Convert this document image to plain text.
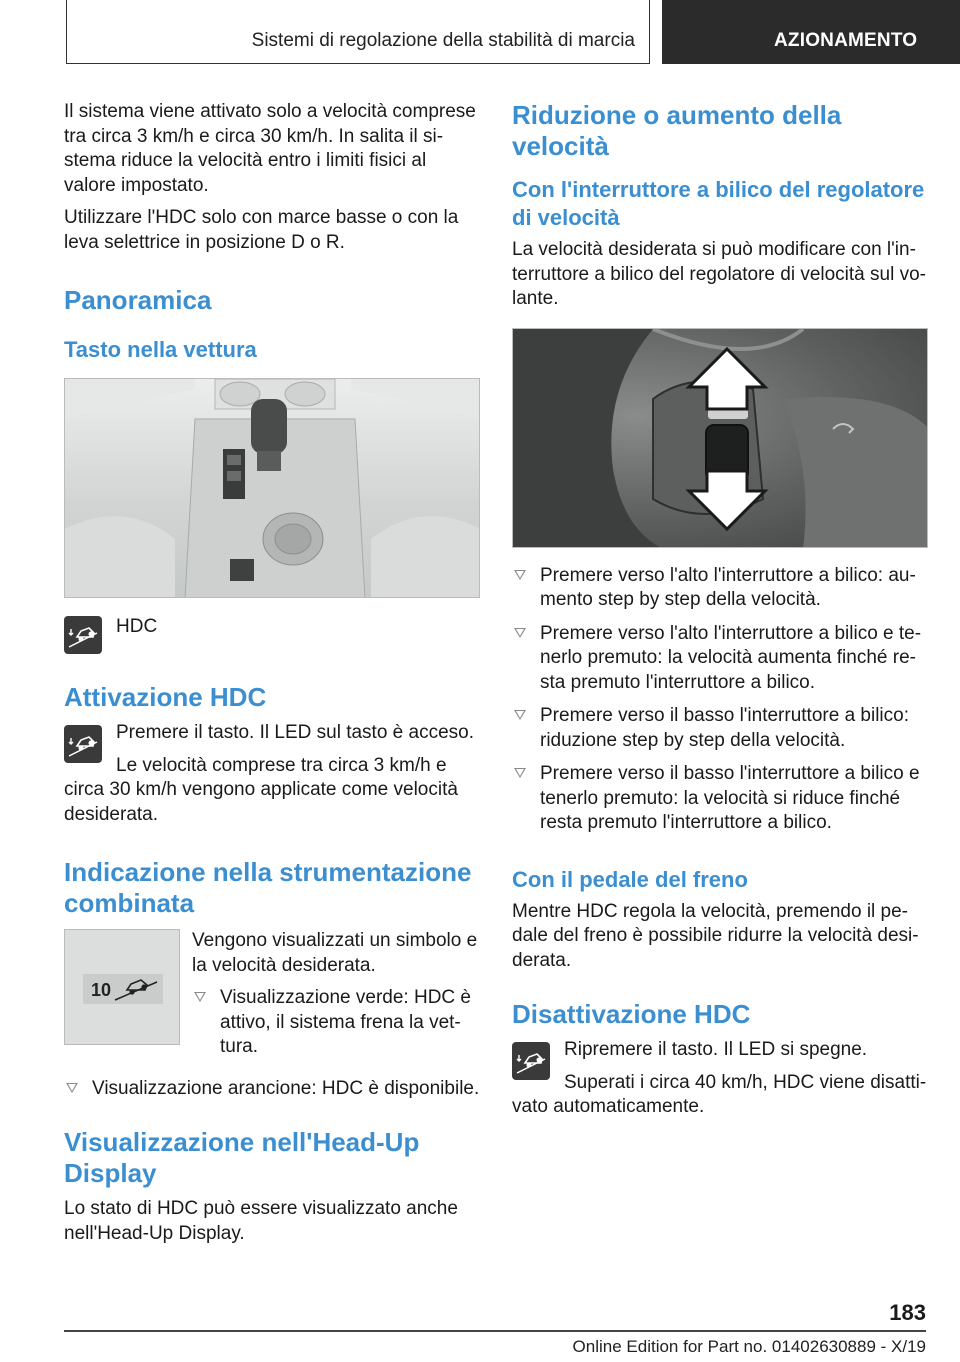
Sistemi di regolazione della stabilità di marcia	AZIONAMENTO

Il sistema viene attivato solo a velocità comprese tra circa 3 km/h e circa 30 km/h. In salita il si-stema riduce la velocità entro i limiti fisici al valore impostato.

Utilizzare l'HDC solo con marce basse o con la leva selettrice in posizione D o R.

Panoramica
Tasto nella vettura
HDC
Attivazione HDC

Premere il tasto. Il LED sul tasto è acceso.

Le velocità comprese tra circa 3 km/h e circa 30 km/h vengono applicate come velocità desiderata.

Indicazione nella strumentazione combinata
10

Vengono visualizzati un simbolo e la velocità desiderata.

Visualizzazione verde: HDC è attivo, il sistema frena la vet-tura.
Visualizzazione arancione: HDC è disponibile.
Visualizzazione nell'Head-Up Display

Lo stato di HDC può essere visualizzato anche nell'Head-Up Display.

Riduzione o aumento della velocità
Con l'interruttore a bilico del regolatore di velocità

La velocità desiderata si può modificare con l'in-terruttore a bilico del regolatore di velocità sul vo-lante.

Premere verso l'alto l'interruttore a bilico: au-mento step by step della velocità.
Premere verso l'alto l'interruttore a bilico e te-nerlo premuto: la velocità aumenta finché re-sta premuto l'interruttore a bilico.
Premere verso il basso l'interruttore a bilico: riduzione step by step della velocità.
Premere verso il basso l'interruttore a bilico e tenerlo premuto: la velocità si riduce finché resta premuto l'interruttore a bilico.
Con il pedale del freno

Mentre HDC regola la velocità, premendo il pe-dale del freno è possibile ridurre la velocità desi-derata.

Disattivazione HDC

Ripremere il tasto. Il LED si spegne.

Superati i circa 40 km/h, HDC viene disatti-vato automaticamente.

183
Online Edition for Part no. 01402630889 - X/19
